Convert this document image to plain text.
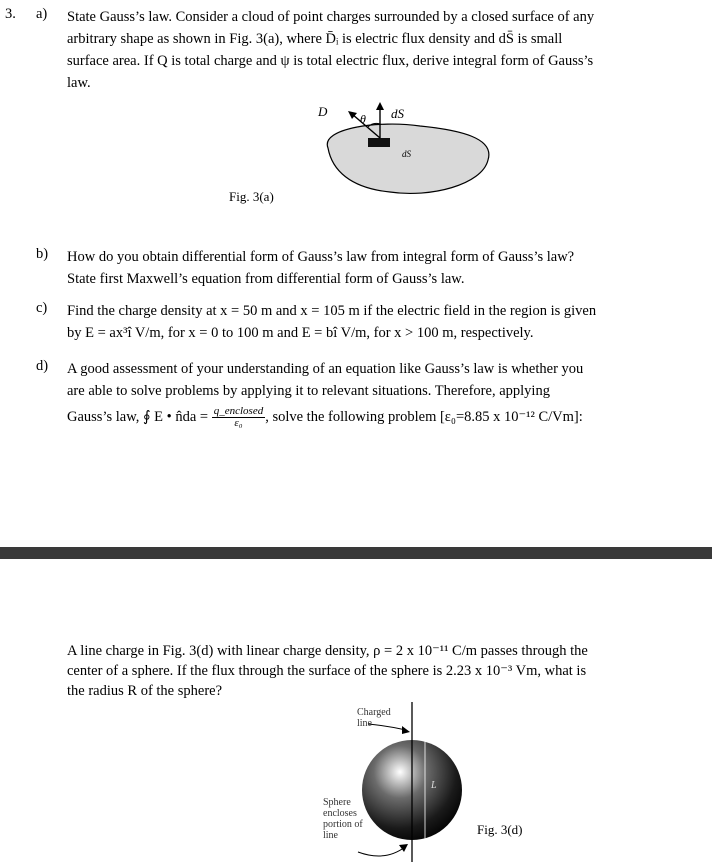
3. a) State Gauss’s law. Consider a cloud of point charges surrounded by a closed surface of any
arbitrary shape as shown in Fig. 3(a), where D̄ᵢ is electric flux density and dS̄ is small
surface area. If Q is total charge and ψ is total electric flux, derive integral form of Gauss’s
law.
D	θ dS
dS
Fig. 3(a)
b) How do you obtain differential form of Gauss’s law from integral form of Gauss’s law?
State first Maxwell’s equation from differential form of Gauss’s law.
c) Find the charge density at x = 50 m and x = 105 m if the electric field in the region is given
by E = ax³î V/m, for x = 0 to 100 m and E = bî V/m, for x > 100 m, respectively.
d) A good assessment of your understanding of an equation like Gauss’s law is whether you
are able to solve problems by applying it to relevant situations. Therefore, applying
Gauss’s law, ∮ E • n̂da = $\frac{\text{q\_enclosed}}{\text{ε₀}}$ , solve the following problem [ε₀=8.85 x 10⁻¹² C/Vm]:
A line charge in Fig. 3(d) with linear charge density, ρ = 2 x 10⁻¹¹ C/m passes through the
center of a sphere. If the flux through the surface of the sphere is 2.23 x 10⁻³ Vm, what is
the radius R of the sphere?
Charged
line
Sphere
encloses
portion of
line
L
Fig. 3(d)
